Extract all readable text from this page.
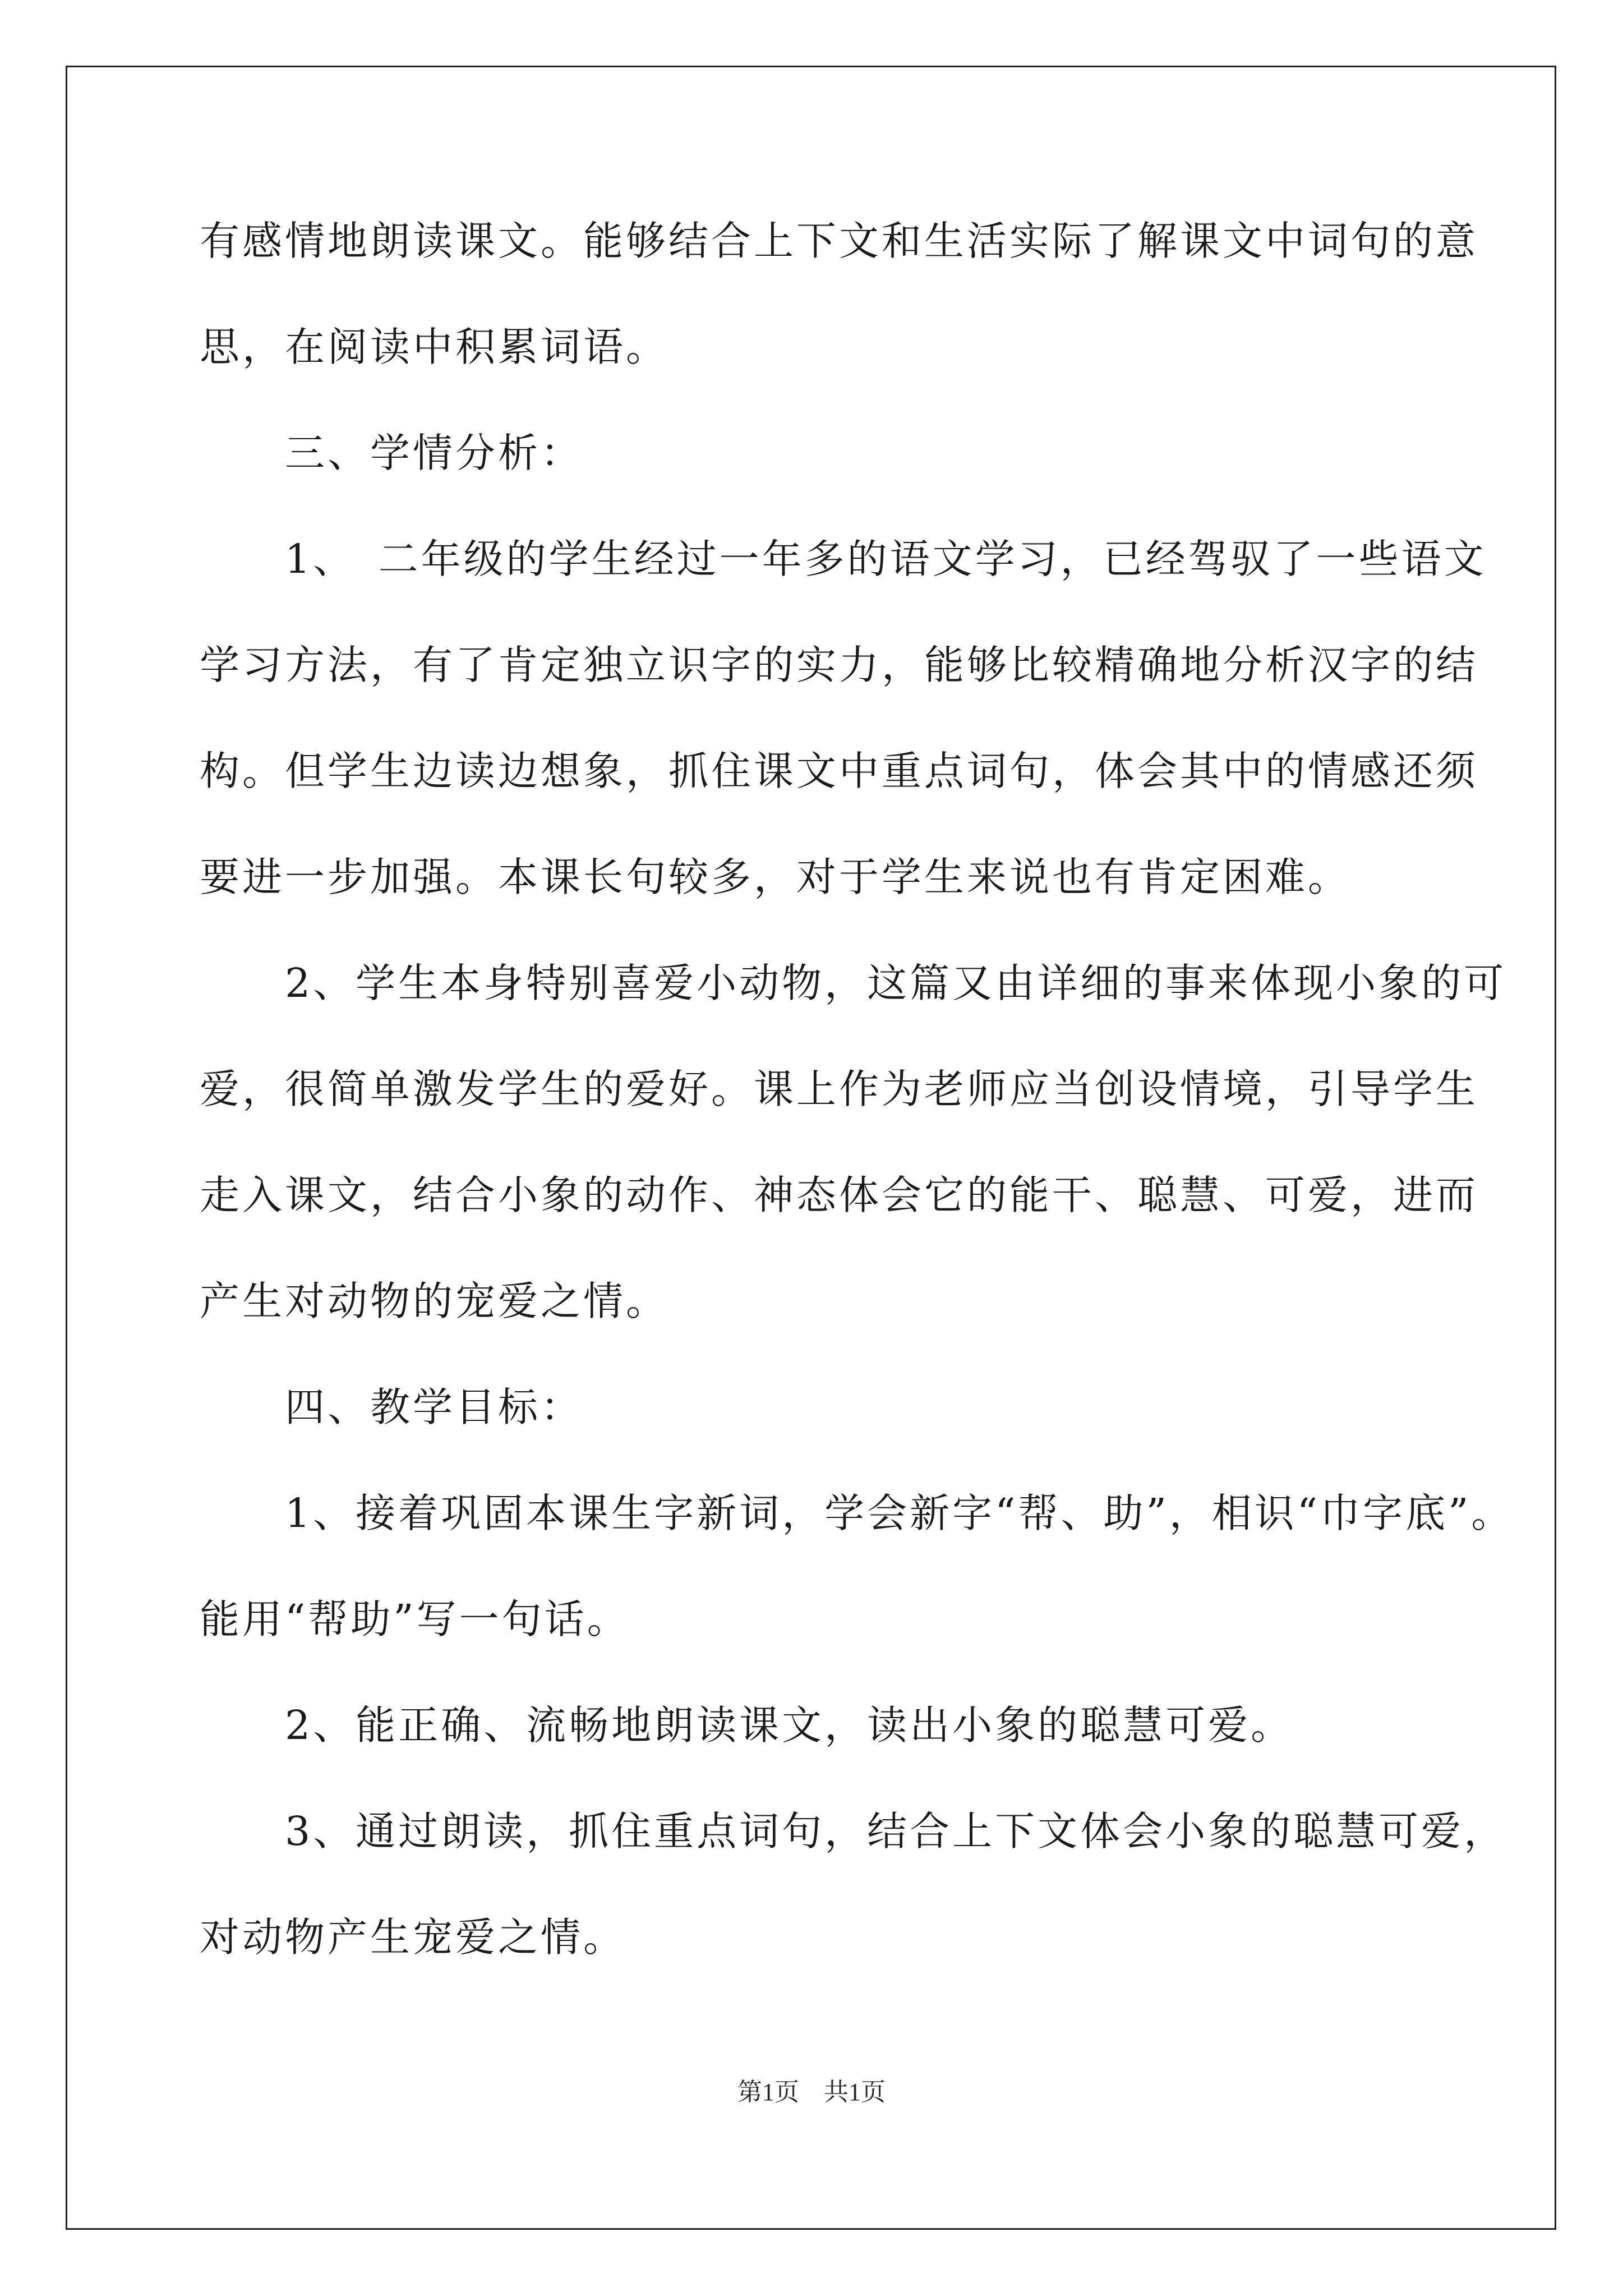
有感情地朗读课文。能够结合上下文和生活实际了解课文中词句的意
思，在阅读中积累词语。
　　三、学情分析：
　　1、　二年级的学生经过一年多的语文学习，已经驾驭了一些语文
学习方法，有了肯定独立识字的实力，能够比较精确地分析汉字的结
构。但学生边读边想象，抓住课文中重点词句，体会其中的情感还须
要进一步加强。本课长句较多，对于学生来说也有肯定困难。
　　2、学生本身特别喜爱小动物，这篇又由详细的事来体现小象的可
爱，很简单激发学生的爱好。课上作为老师应当创设情境，引导学生
走入课文，结合小象的动作、神态体会它的能干、聪慧、可爱，进而
产生对动物的宠爱之情。
　　四、教学目标：
　　1、接着巩固本课生字新词，学会新字“帮、助”，相识“巾字底”。
能用“帮助”写一句话。
　　2、能正确、流畅地朗读课文，读出小象的聪慧可爱。
　　3、通过朗读，抓住重点词句，结合上下文体会小象的聪慧可爱，
对动物产生宠爱之情。
第1页　共1页
